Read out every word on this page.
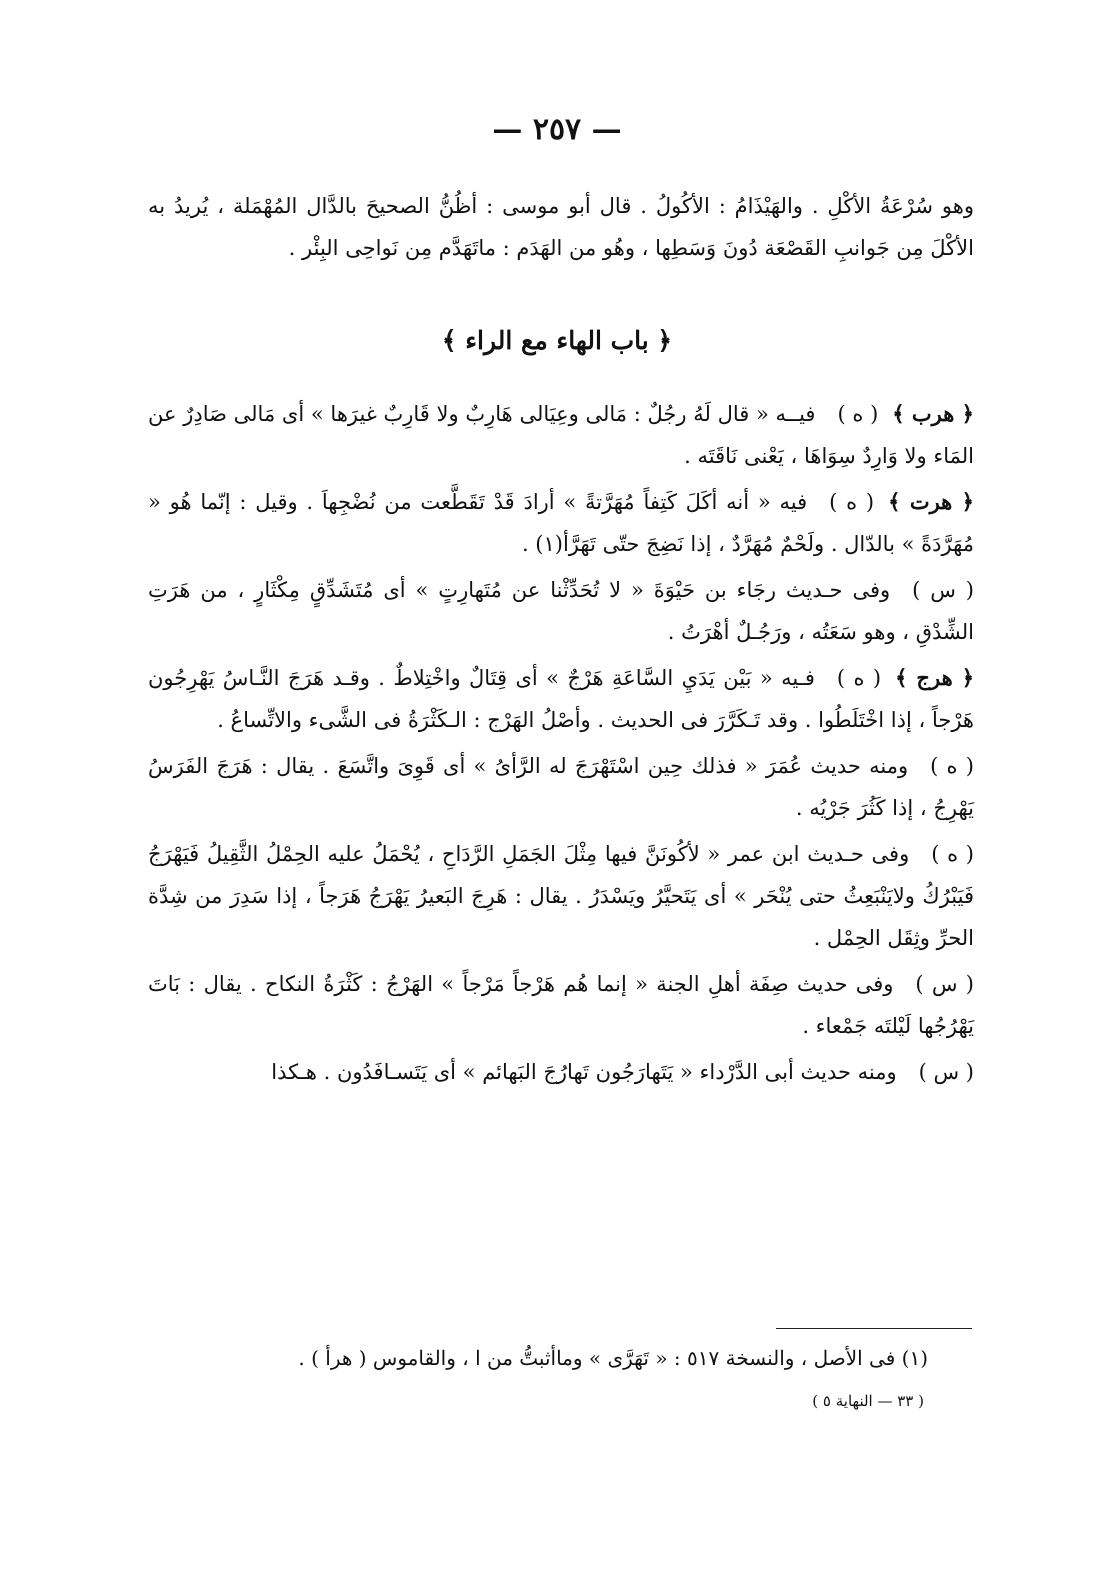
— ٢٥٧ —

وهو سُرْعَةُ الأكْلِ . والهَيْذَامُ : الأكُولُ . قال أبو موسى : أظُنُّ الصحيحَ بالدَّال المُهْمَلة ، يُريدُ به الأكْلَ مِن جَوانبِ القَصْعَة دُونَ وَسَطِها ، وهُو من الهَدَم : ماتَهَدَّم مِن نَواحِى البِئْر .

﴿ باب الهاء مع الراء ﴾

﴿ هرب ﴾( ه )فيــه « قال لَهُ رجُلٌ : مَالى وعِيَالى هَارِبٌ ولا قَارِبٌ غيرَها » أى مَالى صَادِرٌ عن المَاء ولا وَارِدٌ سِوَاهَا ، يَعْنى نَاقَتَه .

﴿ هرت ﴾( ه )فيه « أنه أكَلَ كَتِفاً مُهَرَّتةً » أرادَ قَدْ تَقَطَّعت من نُضْجِهاَ . وقيل : إنّما هُو « مُهَرَّدَةً » بالدّال . ولَحْمٌ مُهَرَّدٌ ، إذا نَضِجَ حتّى تَهَرَّأ(١) .

( س )وفى حـديث رجَاء بن حَيْوَةَ « لا تُحَدِّثْنا عن مُتَهارِتٍ » أى مُتَشَدِّقٍ مِكْثَارٍ ، من هَرَتِ الشِّدْقِ ، وهو سَعَتُه ، ورَجُـلٌ أهْرَتُ .

﴿ هرج ﴾( ه )فـيه « بَيْن يَدَيِ السَّاعَةِ هَرْجٌ » أى قِتَالٌ واخْتِلاطٌ . وقـد هَرَجَ النَّـاسُ يَهْرِجُون هَرْجاً ، إذا اخْتَلَطُوا . وقد تَـكَرَّرَ فى الحديث . وأصْلُ الهَرْج : الـكَثْرَةُ فى الشَّىء والاتِّساعُ .

( ه )ومنه حديث عُمَرَ « فذلك حِين اسْتَهْرَجَ له الرَّأىُ » أى قَوِىَ واتَّسَعَ . يقال : هَرَجَ الفَرَسُ يَهْرِجُ ، إذا كَثُرَ جَرْيُه .

( ه )وفى حـديث ابن عمر « لأكُونَنَّ فيها مِثْلَ الجَمَلِ الرَّدَاحِ ، يُحْمَلُ عليه الحِمْلُ الثَّقِيلُ فَيَهْرَجُ فَيَبْرُكُ ولايَنْبَعِثُ حتى يُنْحَر » أى يَتَحيَّرُ ويَسْدَرُ . يقال : هَرِجَ البَعيرُ يَهْرَجُ هَرَجاً ، إذا سَدِرَ من شِدَّة الحرِّ وثِقَل الحِمْل .

( س )وفى حديث صِفَة أهلِ الجنة « إنما هُم هَرْجاً مَرْجاً » الهَرْجُ : كَثْرَةُ النكاح . يقال : بَاتَ يَهْرُجُها لَيْلتَه جَمْعاء .

( س )ومنه حديث أبى الدَّرْداء « يَتَهارَجُون تَهارُجَ البَهائم » أى يَتَسـافَدُون . هـكذا

(١) فى الأصل ، والنسخة ٥١٧ : « تَهَرَّى » وماأثبتُّ من ا ، والقاموس ( هرأ ) .
( ٣٣ — النهاية ٥ )
